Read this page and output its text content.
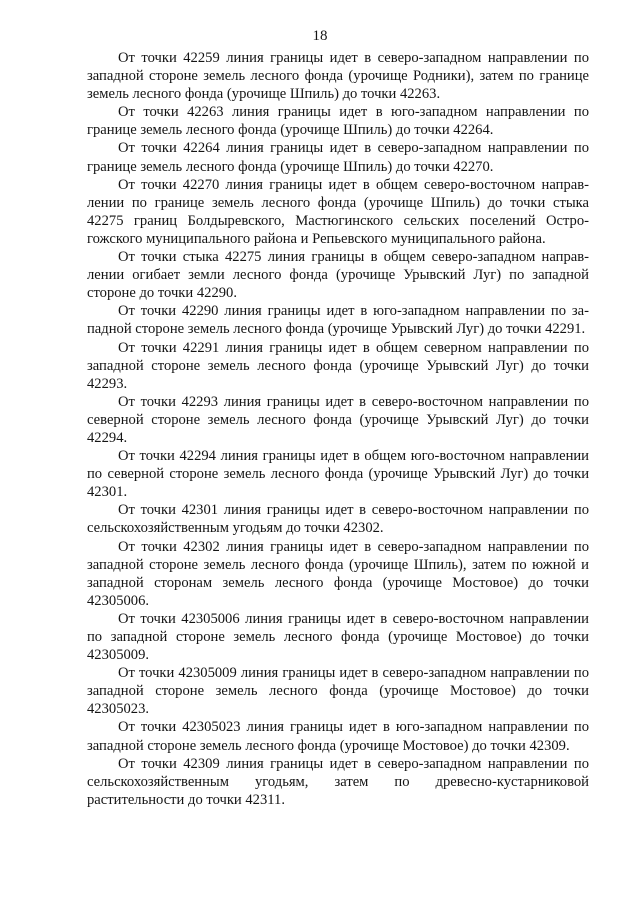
18

От точки 42259 линия границы идет в северо-западном направлении по западной стороне земель лесного фонда (урочище Родники), затем по границе земель лесного фонда (урочище Шпиль) до точки 42263.

От точки 42263 линия границы идет в юго-западном направлении по границе земель лесного фонда (урочище Шпиль) до точки 42264.

От точки 42264 линия границы идет в северо-западном направлении по границе земель лесного фонда (урочище Шпиль) до точки 42270.

От точки 42270 линия границы идет в общем северо-восточном направлении по границе земель лесного фонда (урочище Шпиль) до точки стыка 42275 границ Болдыревского, Мастюгинского сельских поселений Острогожского муниципального района и Репьевского муниципального района.

От точки стыка 42275 линия границы в общем северо-западном направлении огибает земли лесного фонда (урочище Урывский Луг) по западной стороне до точки 42290.

От точки 42290 линия границы идет в юго-западном направлении по западной стороне земель лесного фонда (урочище Урывский Луг) до точки 42291.

От точки 42291 линия границы идет в общем северном направлении по западной стороне земель лесного фонда (урочище Урывский Луг) до точки 42293.

От точки 42293 линия границы идет в северо-восточном направлении по северной стороне земель лесного фонда (урочище Урывский Луг) до точки 42294.

От точки 42294 линия границы идет в общем юго-восточном направлении по северной стороне земель лесного фонда (урочище Урывский Луг) до точки 42301.

От точки 42301 линия границы идет в северо-восточном направлении по сельскохозяйственным угодьям до точки 42302.

От точки 42302 линия границы идет в северо-западном направлении по западной стороне земель лесного фонда (урочище Шпиль), затем по южной и западной сторонам земель лесного фонда (урочище Мостовое) до точки 42305006.

От точки 42305006 линия границы идет в северо-восточном направлении по западной стороне земель лесного фонда (урочище Мостовое) до точки 42305009.

От точки 42305009 линия границы идет в северо-западном направлении по западной стороне земель лесного фонда (урочище Мостовое) до точки 42305023.

От точки 42305023 линия границы идет в юго-западном направлении по западной стороне земель лесного фонда (урочище Мостовое) до точки 42309.

От точки 42309 линия границы идет в северо-западном направлении по сельскохозяйственным угодьям, затем по древесно-кустарниковой растительности до точки 42311.
